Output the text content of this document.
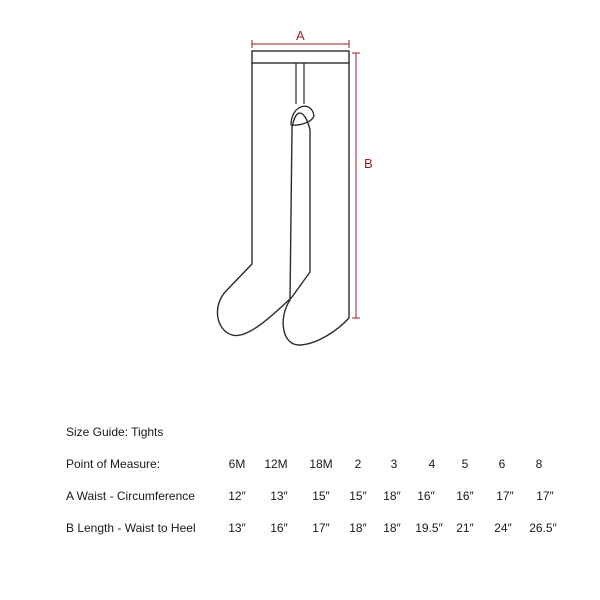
A
B
Size Guide: Tights
Point of Measure:	6M	12M	18M	2	3	4	5	6	8
A Waist - Circumference	12″	13″	15″	15″	18″	16″	16″	17″	17″
B Length - Waist to Heel	13″	16″	17″	18″	18″	19.5″	21″	24″	26.5″
